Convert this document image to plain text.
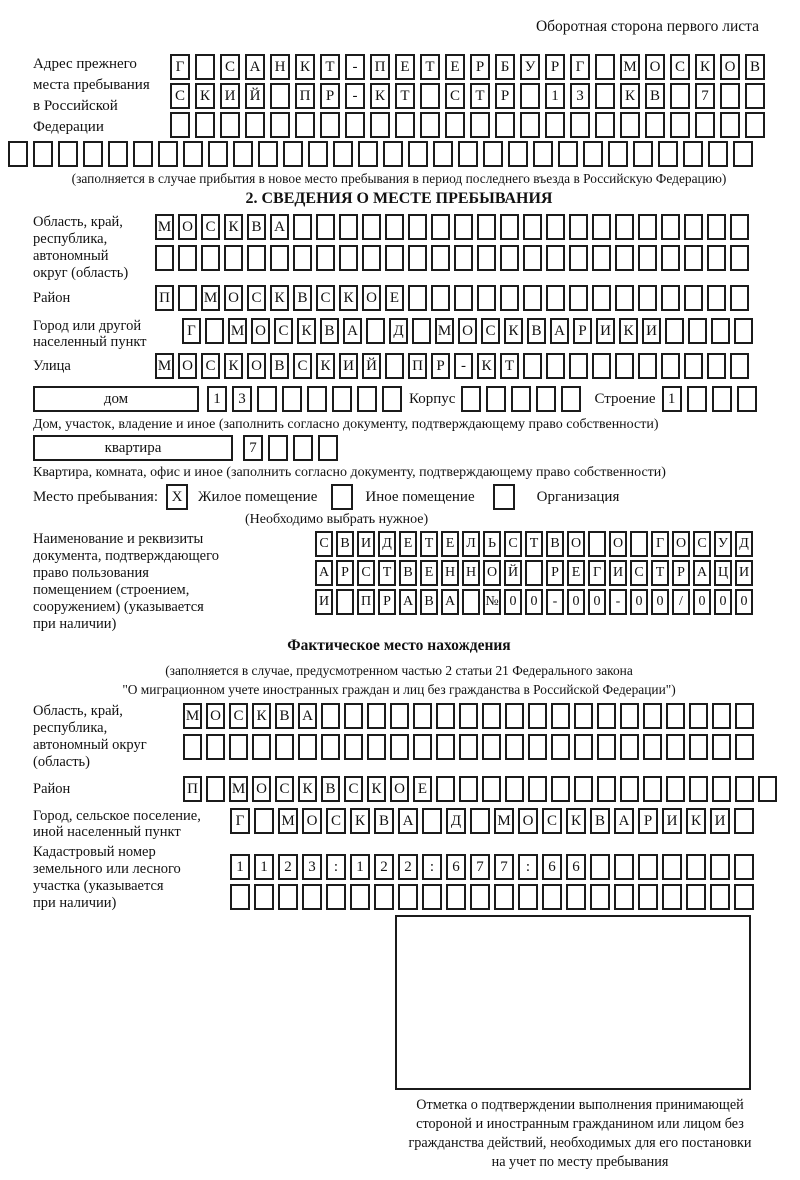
Оборотная сторона первого листа
Адрес прежнего
места пребывания
в Российской
Федерации
Г	С А Н К	Т	-	П Е	Т	Е	Р	Б	У	Р	Г	М О С К О В
С К И Й	П	Р	-	К	Т	С	Т	Р	1	3	К В	7
(заполняется в случае прибытия в новое место пребывания в период последнего въезда в Российскую Федерацию)
2. СВЕДЕНИЯ О МЕСТЕ ПРЕБЫВАНИЯ
Область, край,
республика,
автономный
округ (область)
М О С К В А
Район	П М О С К В С К О Е
Город или другой
населенный пункт
Г	М О С К В А Д М О С К В А Р И К И
Улица	М О С К О В С К И Й П Р	-	К Т
дом	1	3	Корпус	Строение 1
Дом, участок, владение и иное (заполнить согласно документу, подтверждающему право собственности)
квартира	7
Квартира, комната, офис и иное (заполнить согласно документу, подтверждающему право собственности)
Место пребывания: X	Жилое помещение	Иное помещение	Организация
(Необходимо выбрать нужное)
Наименование и реквизиты
документа, подтверждающего
право пользования
помещением (строением,
сооружением) (указывается
при наличии)
С В И Д Е Т Е Л Ь С Т В О О	Г О С У Д
А Р С Т В Е Н Н О Й	Р Е Г И С Т Р А Ц И
И П Р А В А № 0	0	-	0	0	-	0	0	/	0	0	0
Фактическое место нахождения
(заполняется в случае, предусмотренном частью 2 статьи 21 Федерального закона
"О миграционном учете иностранных граждан и лиц без гражданства в Российской Федерации")
Область, край,
республика,
автономный округ
(область)
М О С К В А
Район	П М О С К В С К О Е
Город, сельское поселение,
иной населенный пункт
Г	М О С К В А	Д	М О С К В А Р И К И
Кадастровый номер
земельного или лесного
участка (указывается
при наличии)
1	1	2	3	:	1	2	2	:	6	7	7	:	6	6
Отметка о подтверждении выполнения принимающей
стороной и иностранным гражданином или лицом без
гражданства действий, необходимых для его постановки
на учет по месту пребывания
